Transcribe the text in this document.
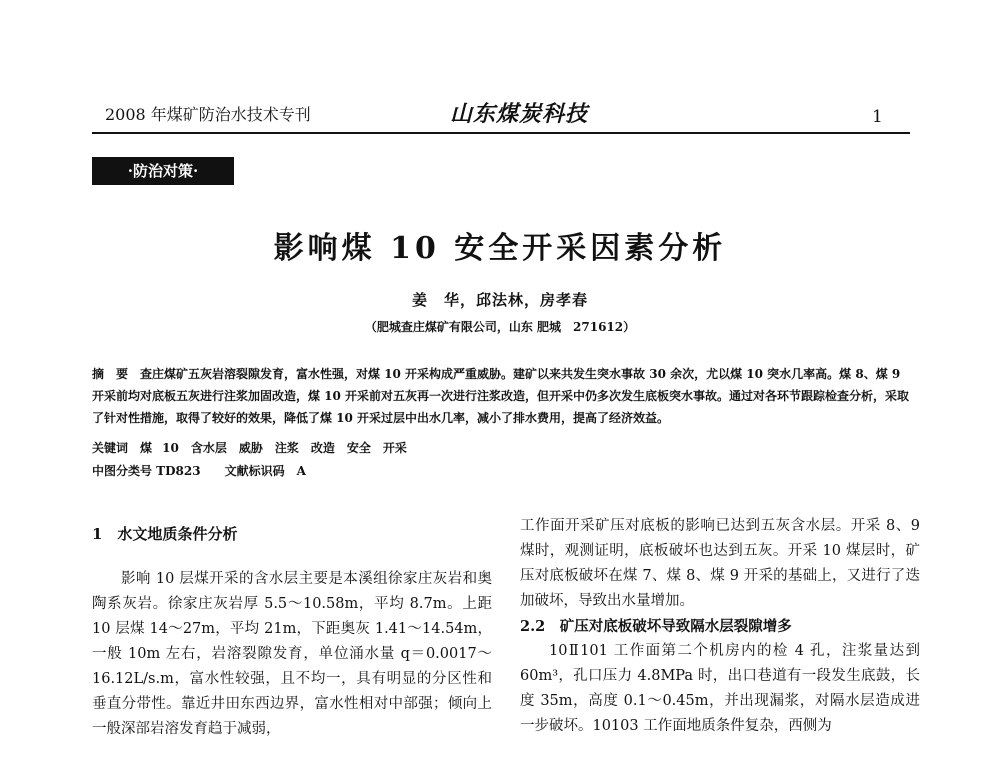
2008 年煤矿防治水技术专刊	山东煤炭科技	1
·防治对策·
影响煤 10 安全开采因素分析
姜　华，邱法林，房孝春
（肥城查庄煤矿有限公司，山东 肥城　271612）
摘　要　查庄煤矿五灰岩溶裂隙发育，富水性强，对煤 10 开采构成严重威胁。建矿以来共发生突水事故 30 余次，尤以煤 10 突水几率高。煤 8、煤 9 开采前均对底板五灰进行注浆加固改造，煤 10 开采前对五灰再一次进行注浆改造，但开采中仍多次发生底板突水事故。通过对各环节跟踪检查分析，采取了针对性措施，取得了较好的效果，降低了煤 10 开采过层中出水几率，减小了排水费用，提高了经济效益。
关键词　煤 10　含水层　威胁　注浆　改造　安全　开采
中图分类号 TD823　　文献标识码　A

1　水文地质条件分析

影响 10 层煤开采的含水层主要是本溪组徐家庄灰岩和奥陶系灰岩。徐家庄灰岩厚 5.5～10.58m，平均 8.7m。上距 10 层煤 14～27m，平均 21m，下距奥灰 1.41～14.54m，一般 10m 左右，岩溶裂隙发育，单位涌水量 q＝0.0017～16.12L/s.m，富水性较强，且不均一，具有明显的分区性和垂直分带性。靠近井田东西边界，富水性相对中部强；倾向上一般深部岩溶发育趋于减弱，

工作面开采矿压对底板的影响已达到五灰含水层。开采 8、9 煤时，观测证明，底板破坏也达到五灰。开采 10 煤层时，矿压对底板破坏在煤 7、煤 8、煤 9 开采的基础上，又进行了迭加破坏，导致出水量增加。

2.2　矿压对底板破坏导致隔水层裂隙增多

10Ⅱ101 工作面第二个机房内的检 4 孔，注浆量达到 60m³，孔口压力 4.8MPa 时，出口巷道有一段发生底鼓，长度 35m，高度 0.1～0.45m，并出现漏浆，对隔水层造成进一步破坏。10103 工作面地质条件复杂，西侧为
